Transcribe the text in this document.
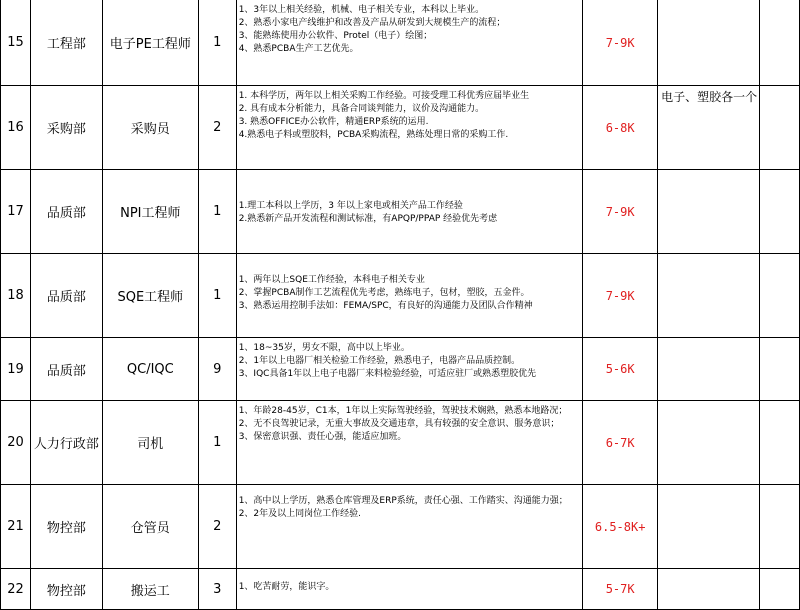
15	工程部	电子PE工程师	1	1、3年以上相关经验，机械、电子相关专业，本科以上毕业。
2、熟悉小家电产线维护和改善及产品从研发到大规模生产的流程；
3、能熟练使用办公软件、Protel（电子）绘图；
4、熟悉PCBA生产工艺优先。	7-9K		
16	采购部	采购员	2	1. 本科学历，两年以上相关采购工作经验。可接受理工科优秀应届毕业生
2. 具有成本分析能力，具备合同谈判能力，议价及沟通能力。
3. 熟悉OFFICE办公软件，精通ERP系统的运用.
4.熟悉电子料或塑胶料，PCBA采购流程，熟练处理日常的采购工作.	6-8K	电子、塑胶各一个	
17	品质部	NPI工程师	1	1.理工本科以上学历，3 年以上家电或相关产品工作经验
2.熟悉新产品开发流程和测试标准，有APQP/PPAP 经验优先考虑	7-9K		
18	品质部	SQE工程师	1	1、两年以上SQE工作经验，本科电子相关专业
2、掌握PCBA制作工艺流程优先考虑，熟练电子，包材，塑胶，五金件。
3、熟悉运用控制手法如：FEMA/SPC，有良好的沟通能力及团队合作精神	7-9K		
19	品质部	QC/IQC	9	1、18~35岁，男女不限，高中以上毕业。
2、1年以上电器厂相关检验工作经验，熟悉电子，电器产品品质控制。
3、IQC具备1年以上电子电器厂来料检验经验，可适应驻厂或熟悉塑胶优先	5-6K		
20	人力行政部	司机	1	1、年龄28-45岁，C1本，1年以上实际驾驶经验，驾驶技术娴熟，熟悉本地路况；
2、无不良驾驶记录，无重大事故及交通违章，具有较强的安全意识、服务意识；
3、保密意识强、责任心强，能适应加班。	6-7K		
21	物控部	仓管员	2	1、高中以上学历，熟悉仓库管理及ERP系统，责任心强、工作踏实、沟通能力强；
2、2年及以上同岗位工作经验.	6.5-8K+		
22	物控部	搬运工	3	1、吃苦耐劳，能识字。	5-7K		
